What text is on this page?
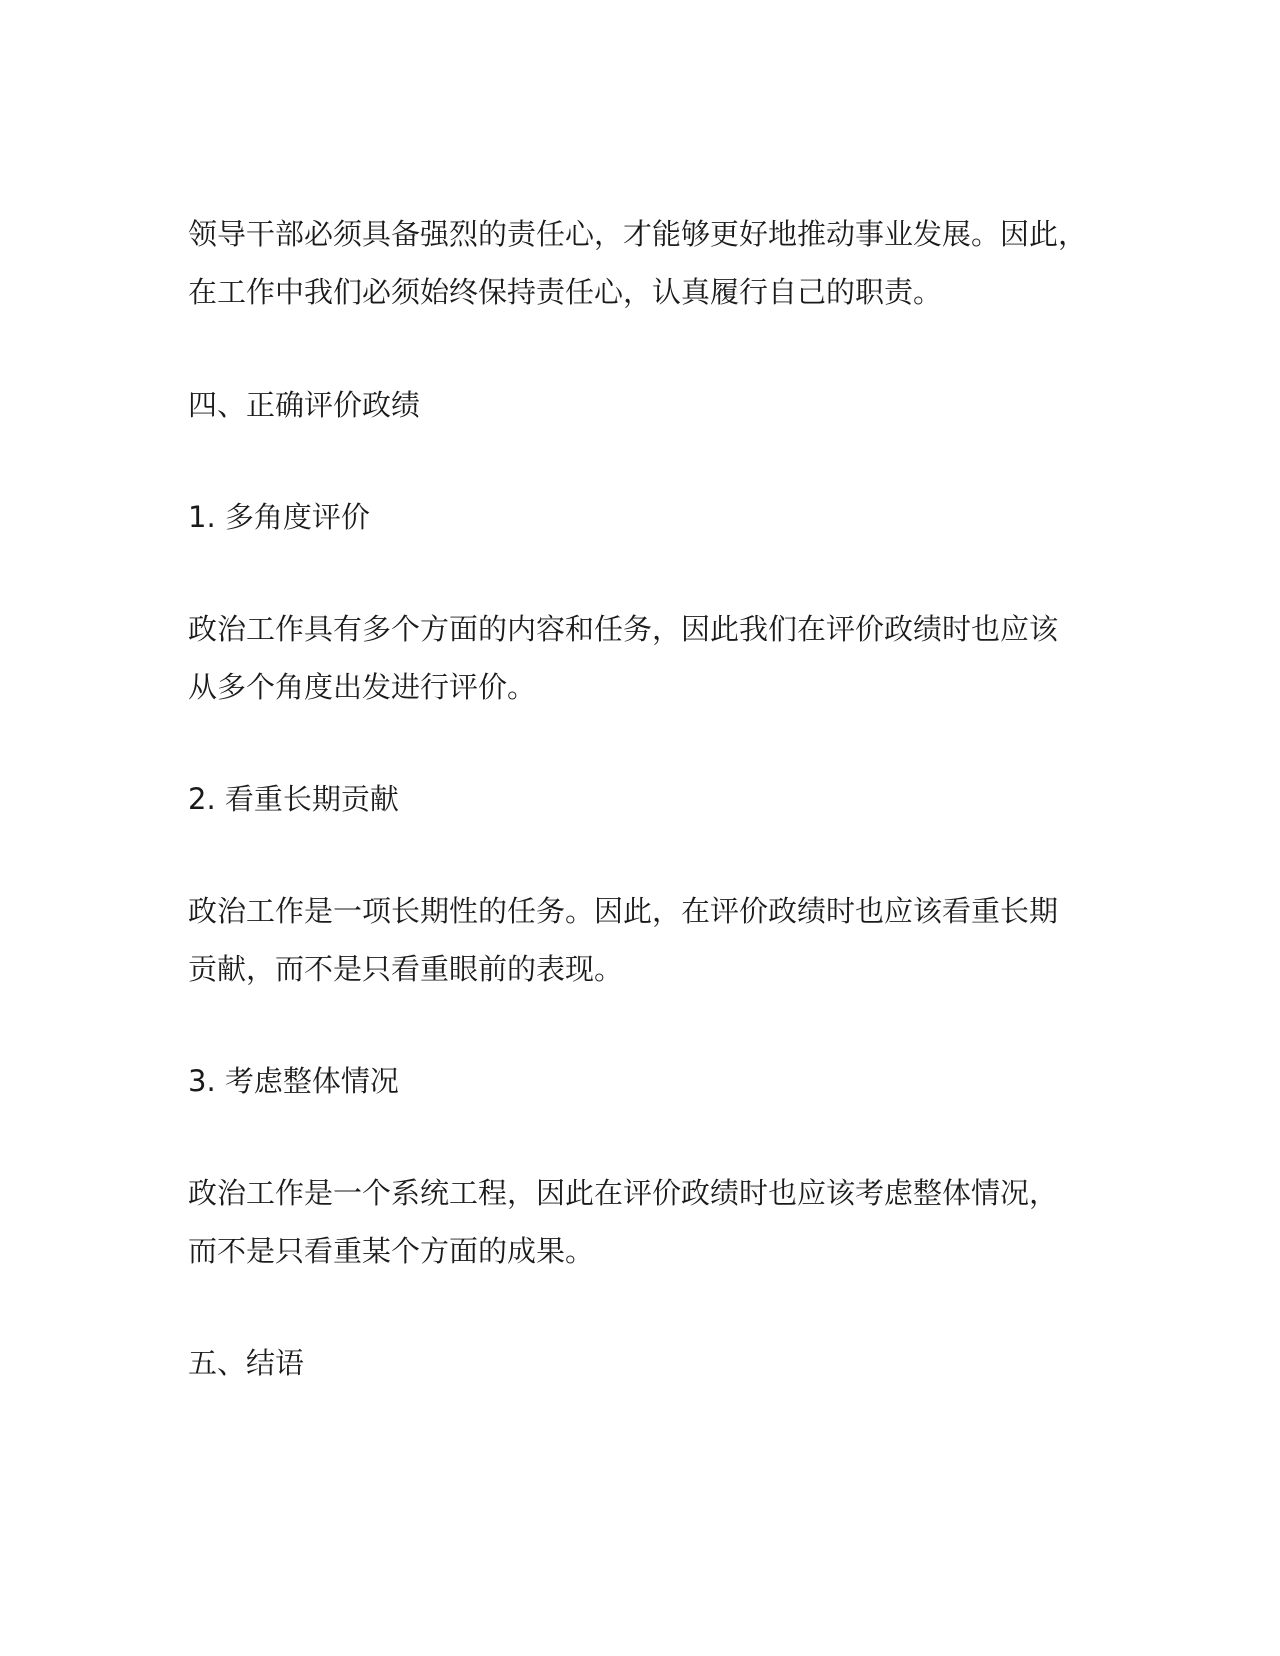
领导干部必须具备强烈的责任心，才能够更好地推动事业发展。因此，

在工作中我们必须始终保持责任心，认真履行自己的职责。

四、正确评价政绩

1. 多角度评价

政治工作具有多个方面的内容和任务，因此我们在评价政绩时也应该

从多个角度出发进行评价。

2. 看重长期贡献

政治工作是一项长期性的任务。因此，在评价政绩时也应该看重长期

贡献，而不是只看重眼前的表现。

3. 考虑整体情况

政治工作是一个系统工程，因此在评价政绩时也应该考虑整体情况，

而不是只看重某个方面的成果。

五、结语
